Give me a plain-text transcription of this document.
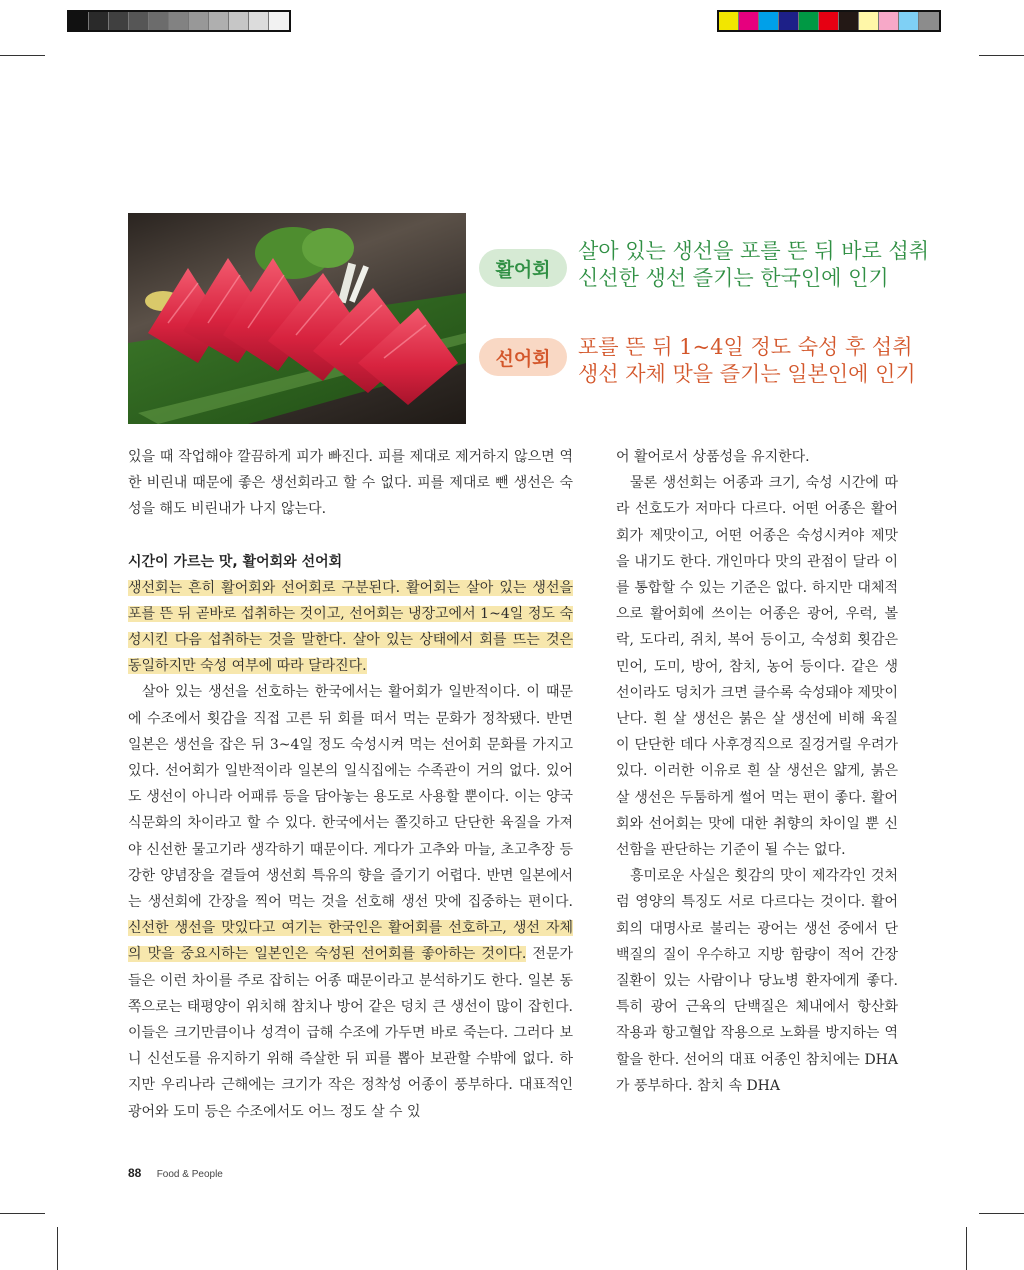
활어회
살아 있는 생선을 포를 뜬 뒤 바로 섭취
신선한 생선 즐기는 한국인에 인기
선어회 포를 뜬 뒤 1~4일 정도 숙성 후 섭취
생선 자체 맛을 즐기는 일본인에 인기

있을 때 작업해야 깔끔하게 피가 빠진다. 피를 제대로 제거하지 않으면 역한 비린내 때문에 좋은 생선회라고 할 수 없다. 피를 제대로 뺀 생선은 숙성을 해도 비린내가 나지 않는다.

시간이 가르는 맛, 활어회와 선어회

생선회는 흔히 활어회와 선어회로 구분된다. 활어회는 살아 있는 생선을 포를 뜬 뒤 곧바로 섭취하는 것이고, 선어회는 냉장고에서 1~4일 정도 숙성시킨 다음 섭취하는 것을 말한다. 살아 있는 상태에서 회를 뜨는 것은 동일하지만 숙성 여부에 따라 달라진다.

살아 있는 생선을 선호하는 한국에서는 활어회가 일반적이다. 이 때문에 수조에서 횟감을 직접 고른 뒤 회를 떠서 먹는 문화가 정착됐다. 반면 일본은 생선을 잡은 뒤 3~4일 정도 숙성시켜 먹는 선어회 문화를 가지고 있다. 선어회가 일반적이라 일본의 일식집에는 수족관이 거의 없다. 있어도 생선이 아니라 어패류 등을 담아놓는 용도로 사용할 뿐이다. 이는 양국 식문화의 차이라고 할 수 있다. 한국에서는 쫄깃하고 단단한 육질을 가져야 신선한 물고기라 생각하기 때문이다. 게다가 고추와 마늘, 초고추장 등 강한 양념장을 곁들여 생선회 특유의 향을 즐기기 어렵다. 반면 일본에서는 생선회에 간장을 찍어 먹는 것을 선호해 생선 맛에 집중하는 편이다. 신선한 생선을 맛있다고 여기는 한국인은 활어회를 선호하고, 생선 자체의 맛을 중요시하는 일본인은 숙성된 선어회를 좋아하는 것이다. 전문가들은 이런 차이를 주로 잡히는 어종 때문이라고 분석하기도 한다. 일본 동쪽으로는 태평양이 위치해 참치나 방어 같은 덩치 큰 생선이 많이 잡힌다. 이들은 크기만큼이나 성격이 급해 수조에 가두면 바로 죽는다. 그러다 보니 신선도를 유지하기 위해 즉살한 뒤 피를 뽑아 보관할 수밖에 없다. 하지만 우리나라 근해에는 크기가 작은 정착성 어종이 풍부하다. 대표적인 광어와 도미 등은 수조에서도 어느 정도 살 수 있

어 활어로서 상품성을 유지한다.

물론 생선회는 어종과 크기, 숙성 시간에 따라 선호도가 저마다 다르다. 어떤 어종은 활어회가 제맛이고, 어떤 어종은 숙성시켜야 제맛을 내기도 한다. 개인마다 맛의 관점이 달라 이를 통합할 수 있는 기준은 없다. 하지만 대체적으로 활어회에 쓰이는 어종은 광어, 우럭, 볼락, 도다리, 쥐치, 복어 등이고, 숙성회 횟감은 민어, 도미, 방어, 참치, 농어 등이다. 같은 생선이라도 덩치가 크면 클수록 숙성돼야 제맛이 난다. 흰 살 생선은 붉은 살 생선에 비해 육질이 단단한 데다 사후경직으로 질겅거릴 우려가 있다. 이러한 이유로 흰 살 생선은 얇게, 붉은 살 생선은 두툼하게 썰어 먹는 편이 좋다. 활어회와 선어회는 맛에 대한 취향의 차이일 뿐 신선함을 판단하는 기준이 될 수는 없다.

흥미로운 사실은 횟감의 맛이 제각각인 것처럼 영양의 특징도 서로 다르다는 것이다. 활어회의 대명사로 불리는 광어는 생선 중에서 단백질의 질이 우수하고 지방 함량이 적어 간장 질환이 있는 사람이나 당뇨병 환자에게 좋다. 특히 광어 근육의 단백질은 체내에서 항산화 작용과 항고혈압 작용으로 노화를 방지하는 역할을 한다. 선어의 대표 어종인 참치에는 DHA가 풍부하다. 참치 속 DHA

88 Food & People
